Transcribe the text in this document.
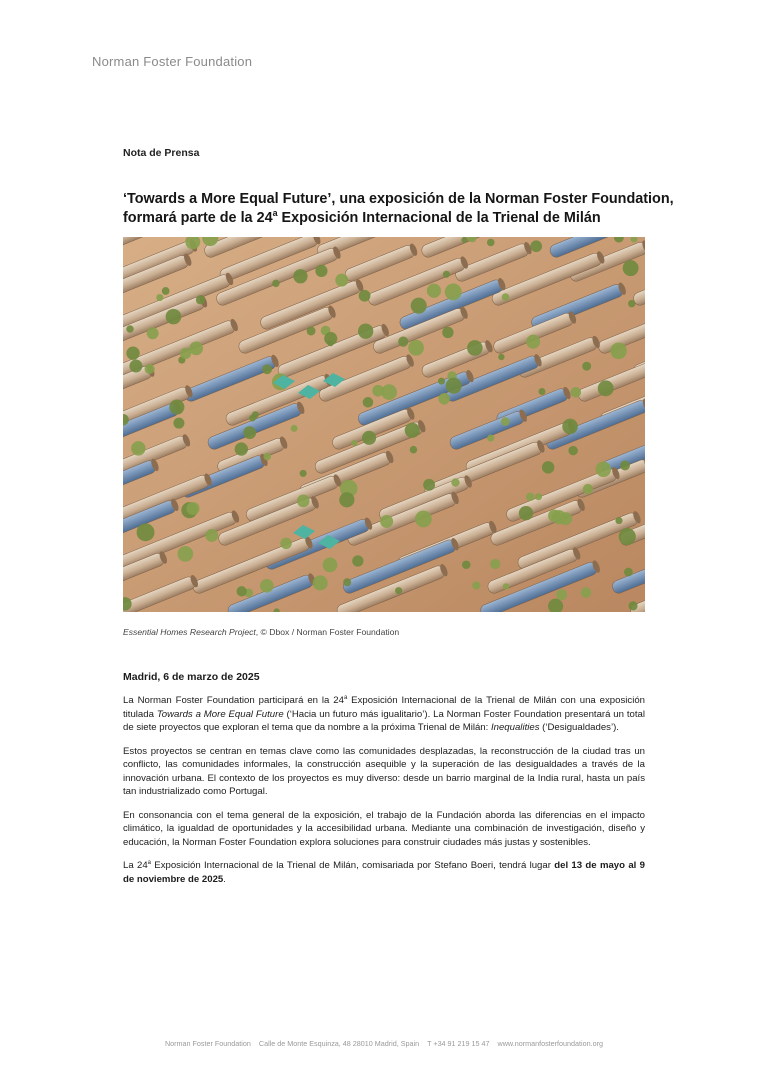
Norman Foster Foundation
Nota de Prensa
‘Towards a More Equal Future’, una exposición de la Norman Foster Foundation,
formará parte de la 24$^a$ Exposición Internacional de la Trienal de Milán
Essential Homes Research Project, © Dbox / Norman Foster Foundation
Madrid, 6 de marzo de 2025

La Norman Foster Foundation participará en la 24$^a$ Exposición Internacional de la Trienal de Milán con una exposición titulada Towards a More Equal Future (‘Hacia un futuro más igualitario’). La Norman Foster Foundation presentará un total de siete proyectos que exploran el tema que da nombre a la próxima Trienal de Milán: Inequalities (‘Desigualdades’).

Estos proyectos se centran en temas clave como las comunidades desplazadas, la reconstrucción de la ciudad tras un conflicto, las comunidades informales, la construcción asequible y la superación de las desigualdades a través de la innovación urbana. El contexto de los proyectos es muy diverso: desde un barrio marginal de la India rural, hasta un país tan industrializado como Portugal.

En consonancia con el tema general de la exposición, el trabajo de la Fundación aborda las diferencias en el impacto climático, la igualdad de oportunidades y la accesibilidad urbana. Mediante una combinación de investigación, diseño y educación, la Norman Foster Foundation explora soluciones para construir ciudades más justas y sostenibles.

La 24$^a$ Exposición Internacional de la Trienal de Milán, comisariada por Stefano Boeri, tendrá lugar del 13 de mayo al 9 de noviembre de 2025.

Norman Foster Foundation Calle de Monte Esquinza, 48 28010 Madrid, Spain T +34 91 219 15 47 www.normanfosterfoundation.org
